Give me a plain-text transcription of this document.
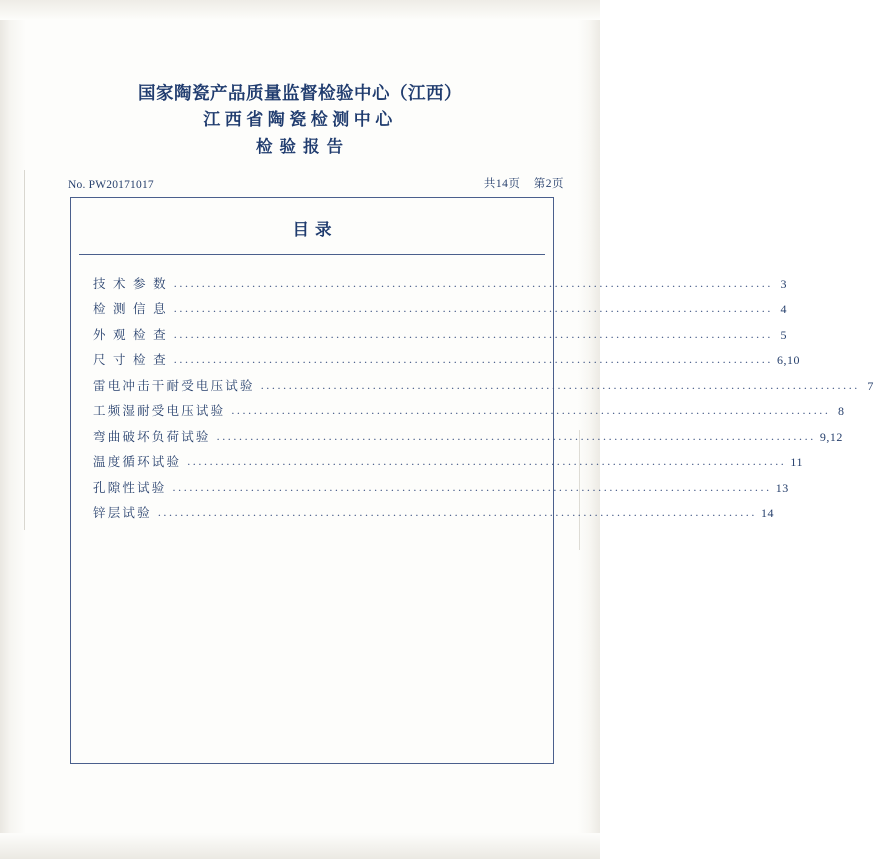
国家陶瓷产品质量监督检验中心（江西）
江西省陶瓷检测中心
检验报告
No. PW20171017	共14页 第2页
目录
技 术 参 数 ........................................................................................................... 3
检 测 信 息 ........................................................................................................... 4
外 观 检 查 ........................................................................................................... 5
尺 寸 检 查 ........................................................................................................... 6,10
雷电冲击干耐受电压试验 ........................................................................................................... 7
工频湿耐受电压试验 ........................................................................................................... 8
弯曲破坏负荷试验 ........................................................................................................... 9,12
温度循环试验 ........................................................................................................... 11
孔隙性试验 ........................................................................................................... 13
锌层试验 ........................................................................................................... 14
